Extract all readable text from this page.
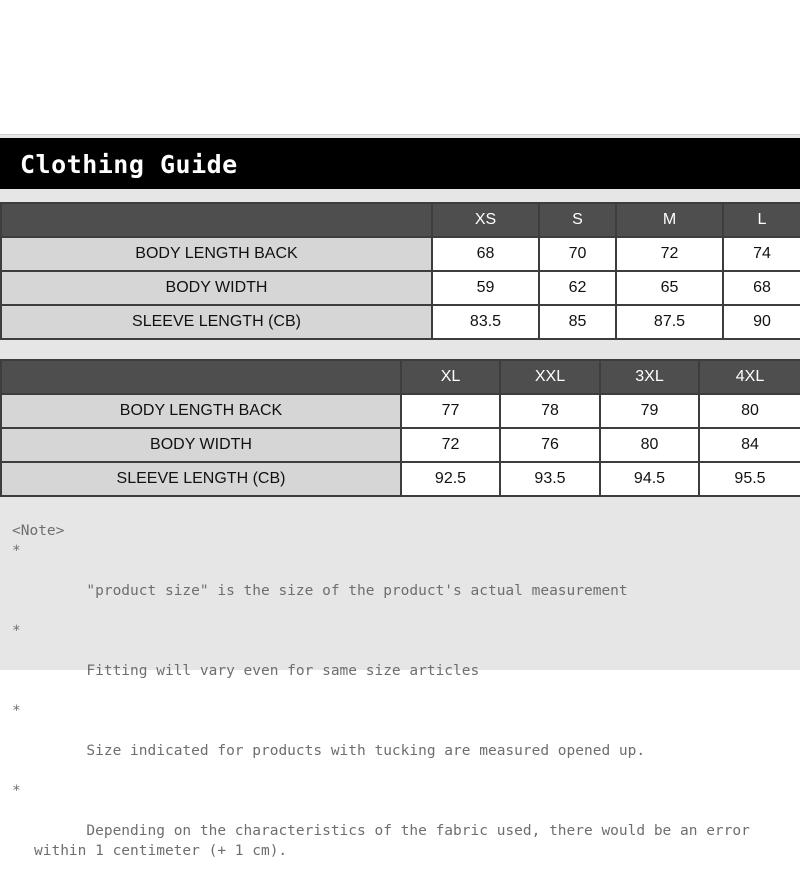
Clothing Guide
	XS	S	M	L
BODY LENGTH BACK	68	70	72	74
BODY WIDTH	59	62	65	68
SLEEVE LENGTH (CB)	83.5	85	87.5	90
	XL	XXL	3XL	4XL
BODY LENGTH BACK	77	78	79	80
BODY WIDTH	72	76	80	84
SLEEVE LENGTH (CB)	92.5	93.5	94.5	95.5
<Note>

*

"product size" is the size of the product's actual measurement

*

Fitting will vary even for same size articles

*

Size indicated for products with tucking are measured opened up.

*

Depending on the characteristics of the fabric used, there would be an error within 1 centimeter (+ 1 cm).
